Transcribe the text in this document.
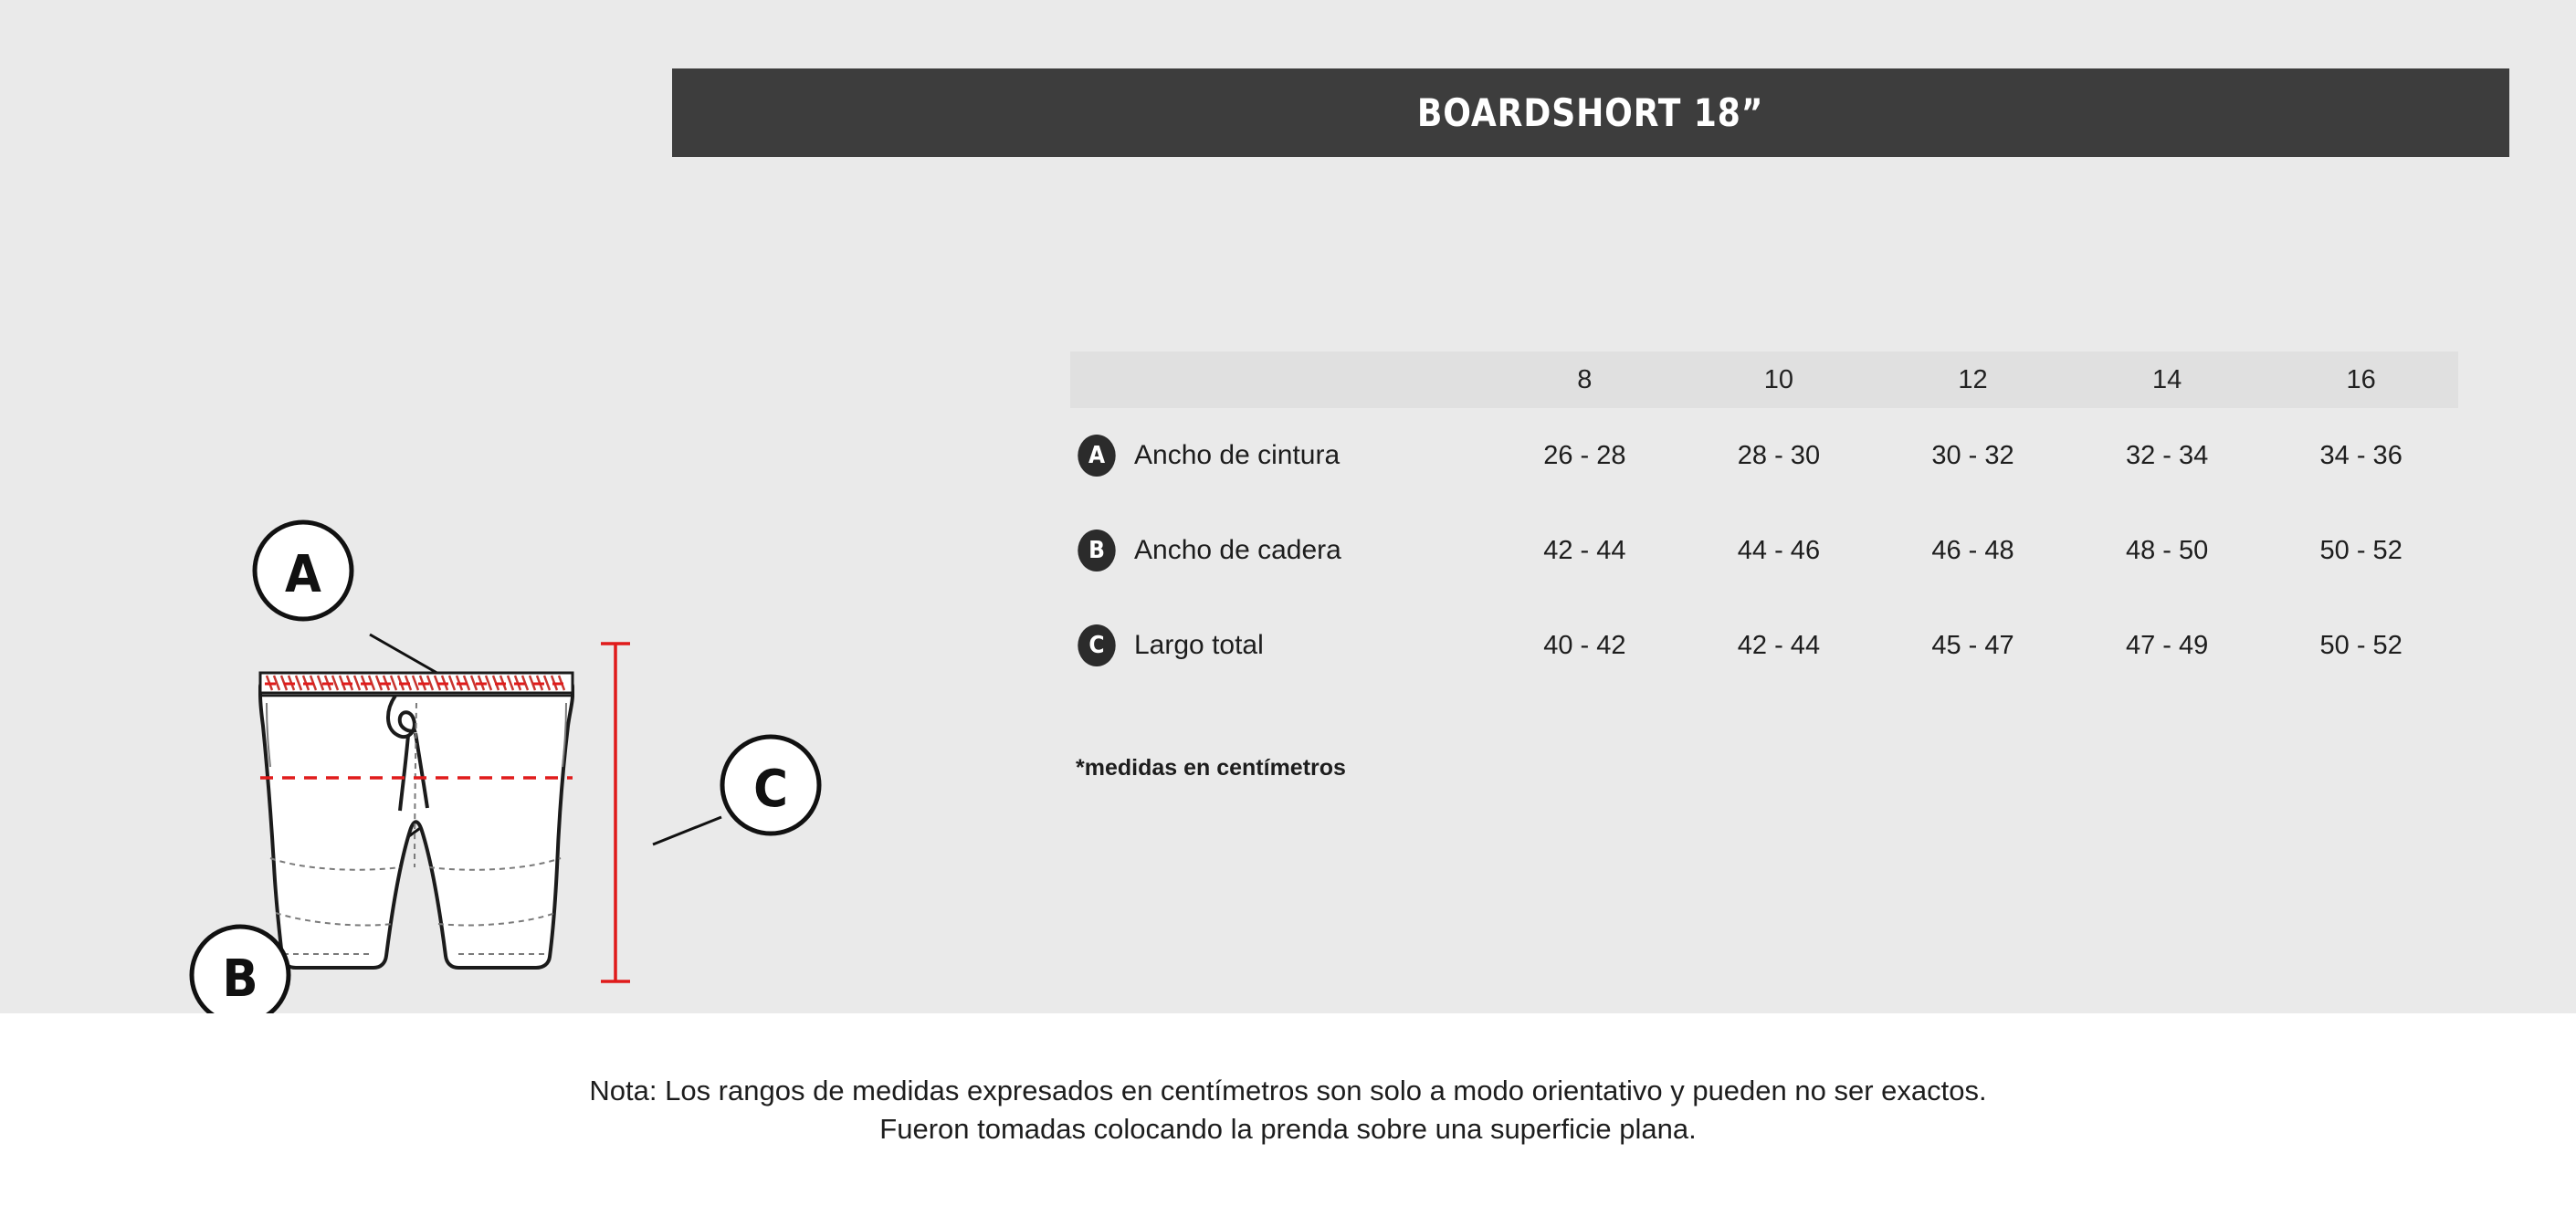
BOARDSHORT 18”
A
B
C
	8	10	12	14	16

A Ancho de cintura	26 - 28	28 - 30	30 - 32	32 - 34	34 - 36

B Ancho de cadera	42 - 44	44 - 46	46 - 48	48 - 50	50 - 52

C Largo total	40 - 42	42 - 44	45 - 47	47 - 49	50 - 52
*medidas en centímetros
Nota: Los rangos de medidas expresados en centímetros son solo a modo orientativo y pueden no ser exactos.
Fueron tomadas colocando la prenda sobre una superficie plana.
